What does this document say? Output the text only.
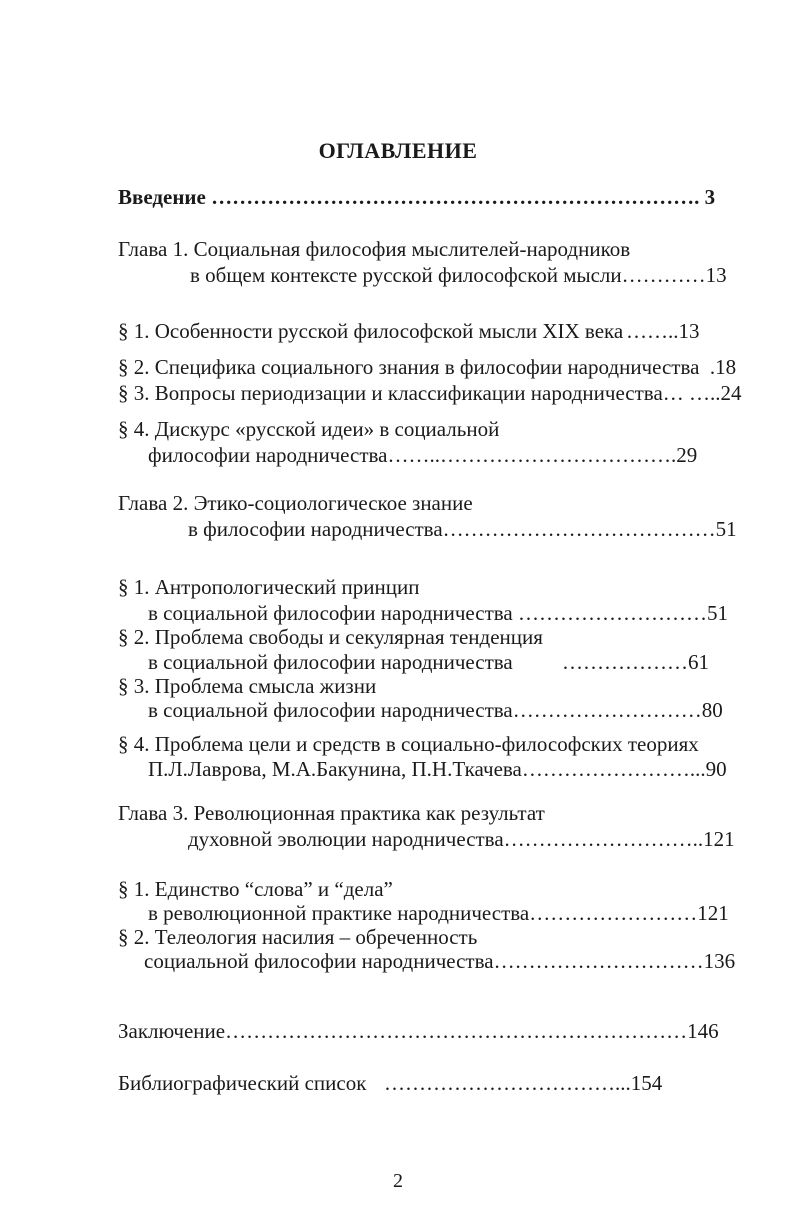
ОГЛАВЛЕНИЕ
Введение ……………………………………………………………. 3
Глава 1. Социальная философия мыслителей-народников
в общем контексте русской философской мысли…………13
§ 1. Особенности русской философской мысли XIX века ……..13
§ 2. Специфика социального знания в философии народничества  .18
§ 3. Вопросы периодизации и классификации народничества… …..24
§ 4. Дискурс «русской идеи» в социальной
философии народничества……..…………………………….29
Глава 2. Этико-социологическое знание
в философии народничества…………………………………51
§ 1. Антропологический принцип
в социальной философии народничества ………………………51
§ 2. Проблема свободы и секулярная тенденция
в социальной философии народничества ………………61
§ 3. Проблема смысла жизни
в социальной философии народничества………………………80
§ 4. Проблема цели и средств в социально-философских теориях
П.Л.Лаврова, М.А.Бакунина, П.Н.Ткачева……………………...90
Глава 3. Революционная практика как результат
духовной эволюции народничества………………………..121
§ 1. Единство “слова” и “дела”
в революционной практике народничества……………………121
§ 2. Телеология насилия – обреченность
социальной философии народничества…………………………136
Заключение…………………………………………………………146
Библиографический список ……………………………...154
2
